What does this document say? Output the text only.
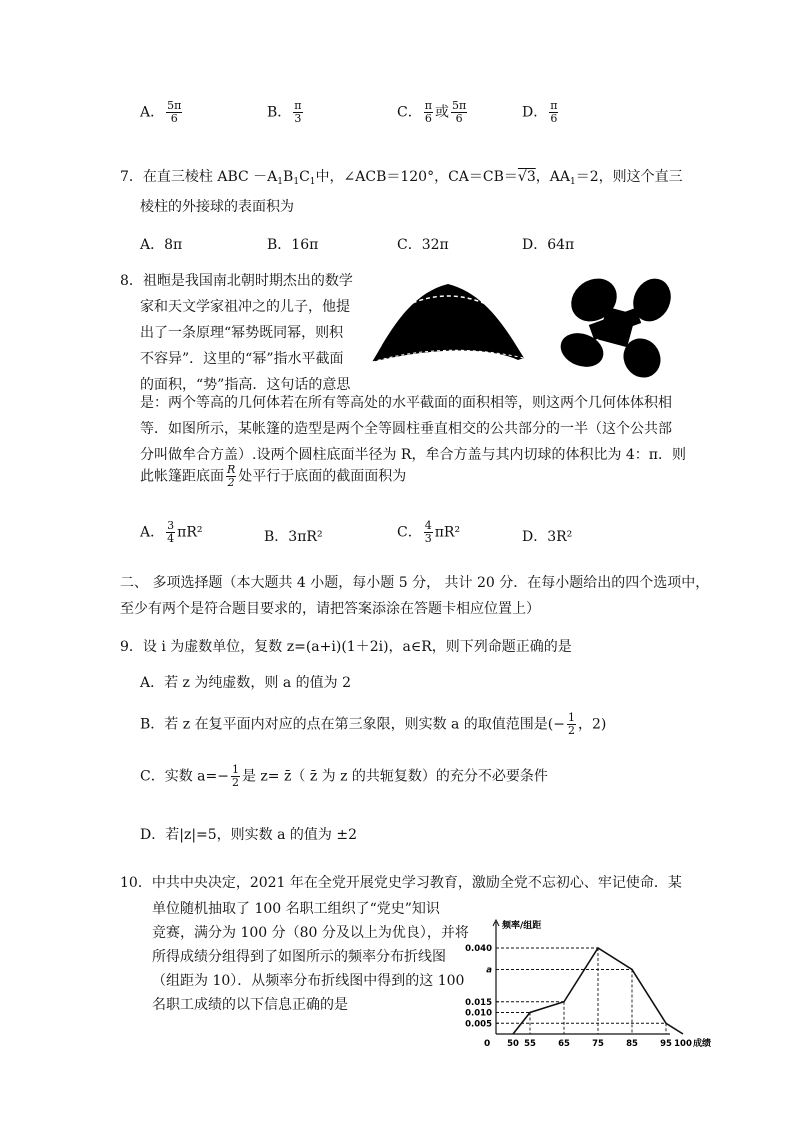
A． $\frac{5\pi}{6}$	B． $\frac{\pi}{3}$	C． $\frac{\pi}{6}$ 或 $\frac{5\pi}{6}$	D． $\frac{\pi}{6}$
7．在直三棱柱 ABC $-A_1B_1C_1$中，∠ACB＝120°，CA＝CB＝√3，$AA_1=2$，则这个直三
棱柱的外接球的表面积为
A．8π	B．16π	C．32π	D．64π
8．祖暅是我国南北朝时期杰出的数学
家和天文学家祖冲之的儿子，他提
出了一条原理“幂势既同幂，则积
不容异”．这里的“幂”指水平截面
的面积，“势”指高．这句话的意思
是：两个等高的几何体若在所有等高处的水平截面的面积相等，则这两个几何体体积相
等．如图所示，某帐篷的造型是两个全等圆柱垂直相交的公共部分的一半（这个公共部
分叫做牟合方盖）.设两个圆柱底面半径为 R，牟合方盖与其内切球的体积比为 4：π．则
此帐篷距底面 $\frac{R}{2}$ 处平行于底面的截面面积为
A． $\frac{3}{4} \pi R^2$	B．3πR²	C． $\frac{4}{3} \pi R^2$	D．3R²
二、 多项选择题（本大题共 4 小题，每小题 5 分， 共计 20 分．在每小题给出的四个选项中，
至少有两个是符合题目要求的，请把答案添涂在答题卡相应位置上）
9．设 i 为虚数单位，复数 z=(a+i)(1＋2i)，a∈R，则下列命题正确的是
A．若 z 为纯虚数，则 a 的值为 2
B．若 z 在复平面内对应的点在第三象限，则实数 a 的取值范围是(− $\frac{1}{2}$ ，2)
C．实数 $a=- \frac{1}{2}$ 是 z= z̄（ z̄ 为 z 的共轭复数）的充分不必要条件
D．若|z|=5，则实数 a 的值为 ±2
10．中共中央决定，2021 年在全党开展党史学习教育，激励全党不忘初心、牢记使命．某
单位随机抽取了 100 名职工组织了“党史”知识
竞赛，满分为 100 分（80 分及以上为优良），并将
所得成绩分组得到了如图所示的频率分布折线图
（组距为 10）．从频率分布折线图中得到的这 100
名职工成绩的以下信息正确的是
频率/组距
0
0.040
a
0.015
0.010
0.005
50 55	65	75	85	95 100 成绩
